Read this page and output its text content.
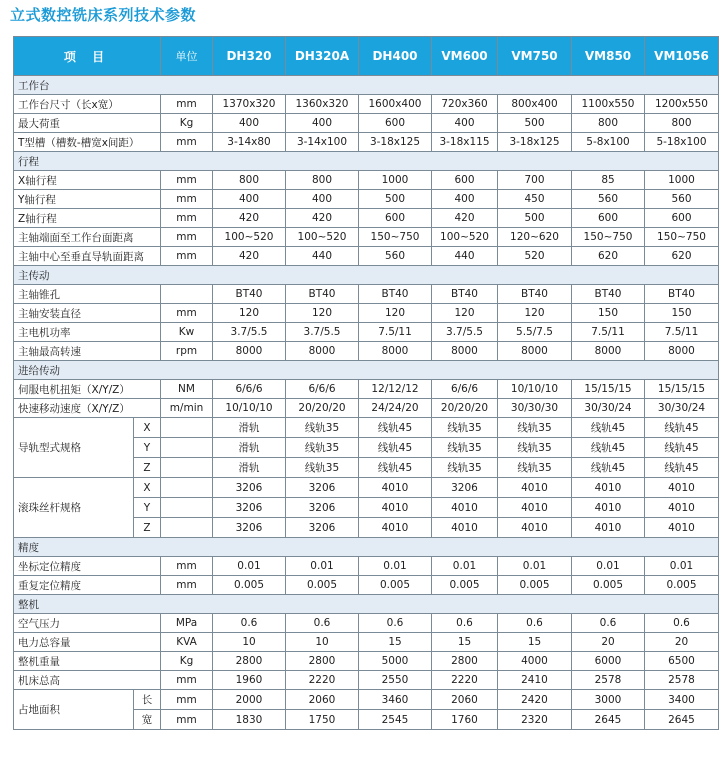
立式数控铣床系列技术参数
项 目		单位	DH320	DH320A	DH400	VM600	VM750	VM850	VM1056
工作台									
工作台尺寸（长x宽）		mm	1370x320	1360x320	1600x400	720x360	800x400	1100x550	1200x550
最大荷重		Kg	400	400	600	400	500	800	800
T型槽（槽数-槽宽x间距）		mm	3-14x80	3-14x100	3-18x125	3-18x115	3-18x125	5-8x100	5-18x100
行程									
X轴行程		mm	800	800	1000	600	700	85	1000
Y轴行程		mm	400	400	500	400	450	560	560
Z轴行程		mm	420	420	600	420	500	600	600
主轴端面至工作台面距离		mm	100~520	100~520	150~750	100~520	120~620	150~750	150~750
主轴中心至垂直导轨面距离		mm	420	440	560	440	520	620	620
主传动									
主轴锥孔			BT40	BT40	BT40	BT40	BT40	BT40	BT40
主轴安装直径		mm	120	120	120	120	120	150	150
主电机功率		Kw	3.7/5.5	3.7/5.5	7.5/11	3.7/5.5	5.5/7.5	7.5/11	7.5/11
主轴最高转速		rpm	8000	8000	8000	8000	8000	8000	8000
进给传动									
伺服电机扭矩（X/Y/Z）		NM	6/6/6	6/6/6	12/12/12	6/6/6	10/10/10	15/15/15	15/15/15
快速移动速度（X/Y/Z）		m/min	10/10/10	20/20/20	24/24/20	20/20/20	30/30/30	30/30/24	30/30/24
导轨型式规格	X		滑轨	线轨35	线轨45	线轨35	线轨35	线轨45	线轨45
	Y		滑轨	线轨35	线轨45	线轨35	线轨35	线轨45	线轨45
	Z		滑轨	线轨35	线轨45	线轨35	线轨35	线轨45	线轨45
滚珠丝杆规格	X		3206	3206	4010	3206	4010	4010	4010
	Y		3206	3206	4010	4010	4010	4010	4010
	Z		3206	3206	4010	4010	4010	4010	4010
精度									
坐标定位精度		mm	0.01	0.01	0.01	0.01	0.01	0.01	0.01
重复定位精度		mm	0.005	0.005	0.005	0.005	0.005	0.005	0.005
整机									
空气压力		MPa	0.6	0.6	0.6	0.6	0.6	0.6	0.6
电力总容量		KVA	10	10	15	15	15	20	20
整机重量		Kg	2800	2800	5000	2800	4000	6000	6500
机床总高		mm	1960	2220	2550	2220	2410	2578	2578
占地面积	长	mm	2000	2060	3460	2060	2420	3000	3400
	宽	mm	1830	1750	2545	1760	2320	2645	2645
